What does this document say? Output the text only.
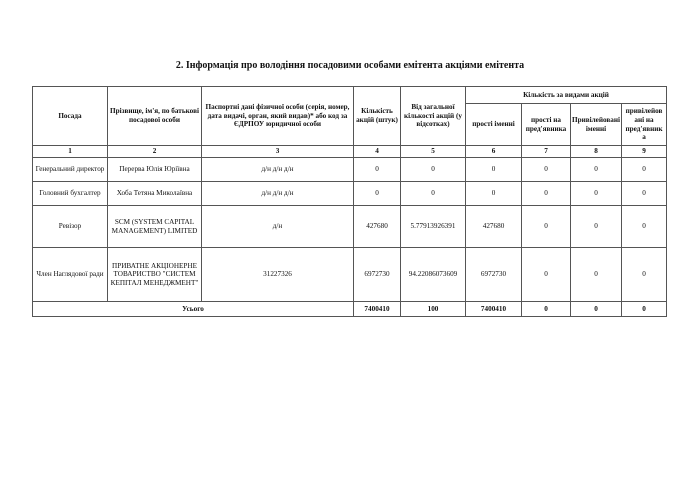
2. Інформація про володіння посадовими особами емітента акціями емітента
Посада	Прізвище, ім'я, по батькові посадової особи	Паспортні дані фізичної особи (серія, номер, дата видачі, орган, який видав)* або код за ЄДРПОУ юридичної особи	Кількість акцій (штук)	Від загальної кількості акцій (у відсотках)	Кількість за видами акцій			
					прості іменні	прості на пред'явника	Привілейовані іменні	привілейов ані на пред'явник а
1	2	3	4	5	6	7	8	9
Генеральний директор	Перерва Юлія Юріївна	д/н д/н д/н	0	0	0	0	0	0
Головний бухгалтер	Хоба Тетяна Миколаївна	д/н д/н д/н	0	0	0	0	0	0
Ревізор	SCM (SYSTEM CAPITAL MANAGEMENT) LIMITED	д/н	427680	5.77913926391	427680	0	0	0
Член Наглядової ради	ПРИВАТНЕ АКЦІОНЕРНЕ ТОВАРИСТВО "СИСТЕМ КЕПІТАЛ МЕНЕДЖМЕНТ"	31227326	6972730	94.22086073609	6972730	0	0	0
Усього			7400410	100	7400410	0	0	0
